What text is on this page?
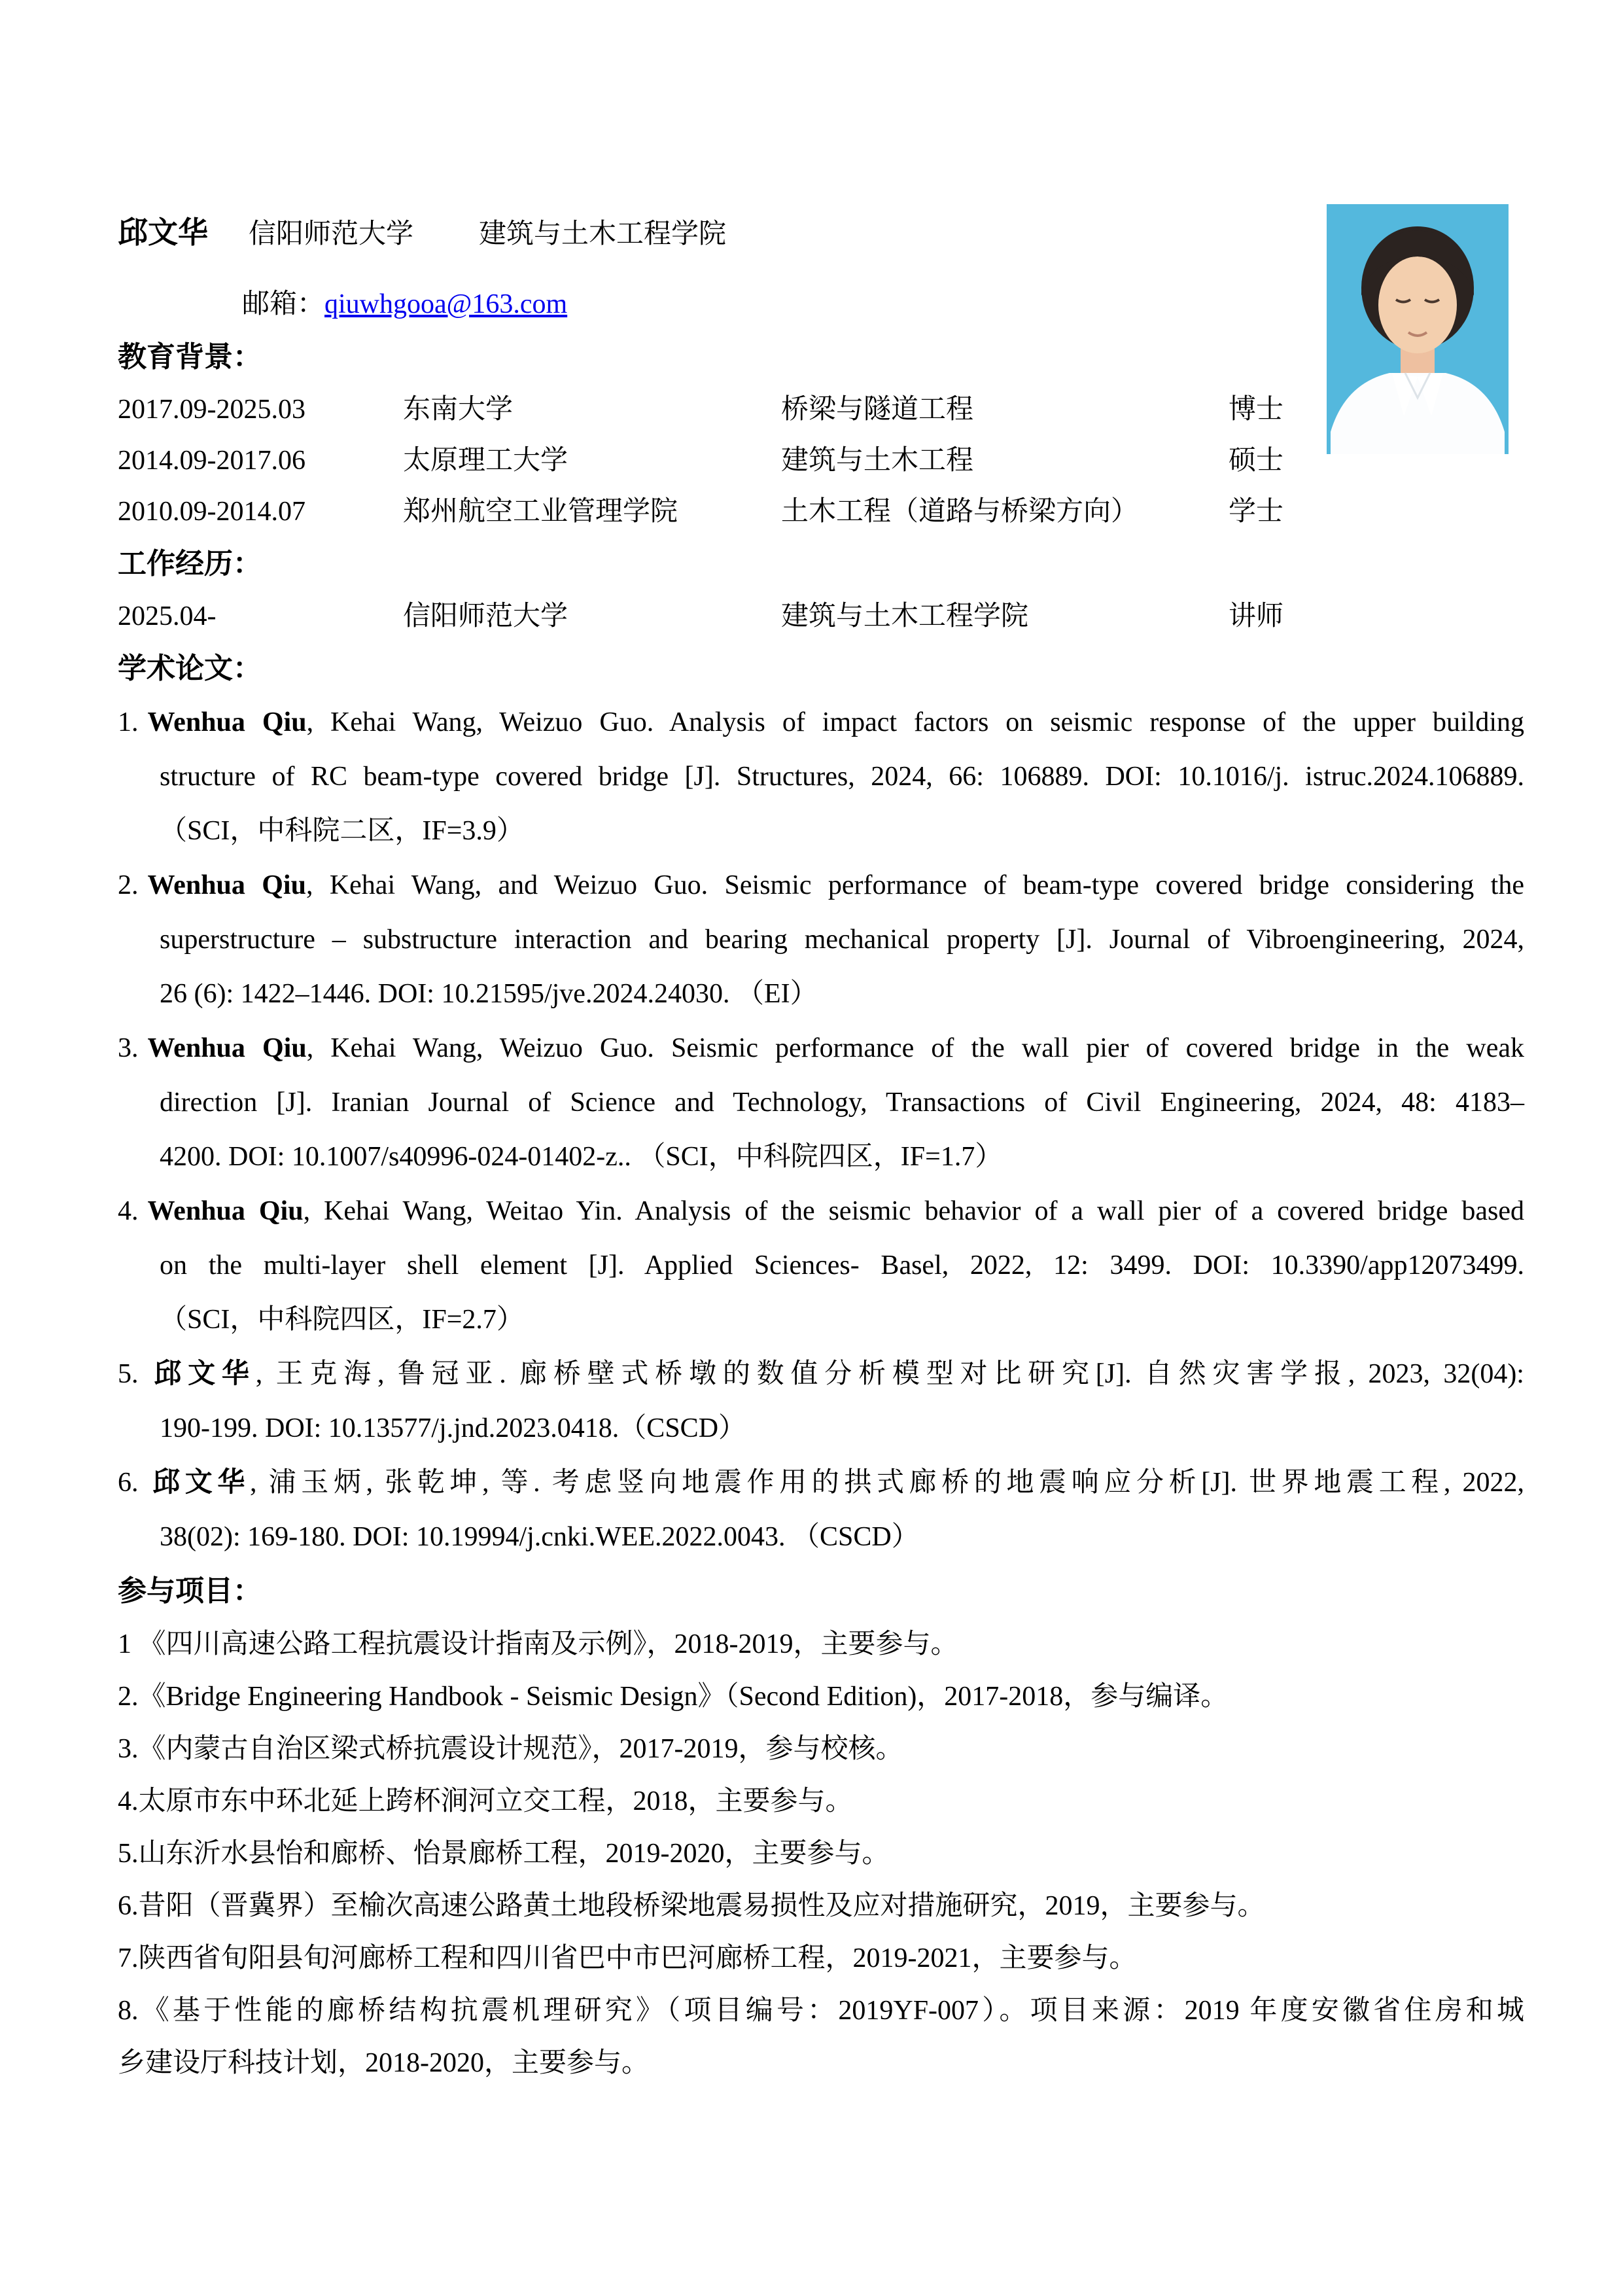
邱文华 信阳师范大学 建筑与土木工程学院
邮箱：qiuwhgooa@163.com
教育背景：
2017.09-2025.03	东南大学	桥梁与隧道工程	博士
2014.09-2017.06	太原理工大学	建筑与土木工程	硕士
2010.09-2014.07	郑州航空工业管理学院	土木工程（道路与桥梁方向）	学士
工作经历：
2025.04-	信阳师范大学	建筑与土木工程学院	讲师
学术论文：
1. Wenhua Qiu, Kehai Wang, Weizuo Guo. Analysis of impact factors on seismic response of the upper building
structure of RC beam-type covered bridge [J]. Structures, 2024, 66: 106889. DOI: 10.1016/j. istruc.2024.106889.
（SCI，中科院二区，IF=3.9）
2. Wenhua Qiu, Kehai Wang, and Weizuo Guo. Seismic performance of beam-type covered bridge considering the
superstructure – substructure interaction and bearing mechanical property [J]. Journal of Vibroengineering, 2024,
26 (6): 1422–1446. DOI: 10.21595/jve.2024.24030. （EI）
3. Wenhua Qiu, Kehai Wang, Weizuo Guo. Seismic performance of the wall pier of covered bridge in the weak
direction [J]. Iranian Journal of Science and Technology, Transactions of Civil Engineering, 2024, 48: 4183–
4200. DOI: 10.1007/s40996-024-01402-z.. （SCI，中科院四区，IF=1.7）
4. Wenhua Qiu, Kehai Wang, Weitao Yin. Analysis of the seismic behavior of a wall pier of a covered bridge based
on the multi-layer shell element [J]. Applied Sciences- Basel, 2022, 12: 3499. DOI: 10.3390/app12073499.
（SCI，中科院四区，IF=2.7）
5. 邱文华, 王克海, 鲁冠亚. 廊桥壁式桥墩的数值分析模型对比研究[J]. 自然灾害学报, 2023, 32(04):
190-199. DOI: 10.13577/j.jnd.2023.0418.（CSCD）
6. 邱文华, 浦玉炳, 张乾坤, 等. 考虑竖向地震作用的拱式廊桥的地震响应分析[J]. 世界地震工程, 2022,
38(02): 169-180. DOI: 10.19994/j.cnki.WEE.2022.0043. （CSCD）
参与项目：
1 《四川高速公路工程抗震设计指南及示例》，2018-2019，主要参与。
2.《Bridge Engineering Handbook - Seismic Design》（Second Edition)，2017-2018，参与编译。
3.《内蒙古自治区梁式桥抗震设计规范》，2017-2019，参与校核。
4.太原市东中环北延上跨杯涧河立交工程，2018，主要参与。
5.山东沂水县怡和廊桥、怡景廊桥工程，2019-2020，主要参与。
6.昔阳（晋冀界）至榆次高速公路黄土地段桥梁地震易损性及应对措施研究，2019，主要参与。
7.陕西省旬阳县旬河廊桥工程和四川省巴中市巴河廊桥工程，2019-2021，主要参与。
8.《基于性能的廊桥结构抗震机理研究》（项目编号：2019YF-007）。项目来源：2019 年度安徽省住房和城
乡建设厅科技计划，2018-2020，主要参与。
